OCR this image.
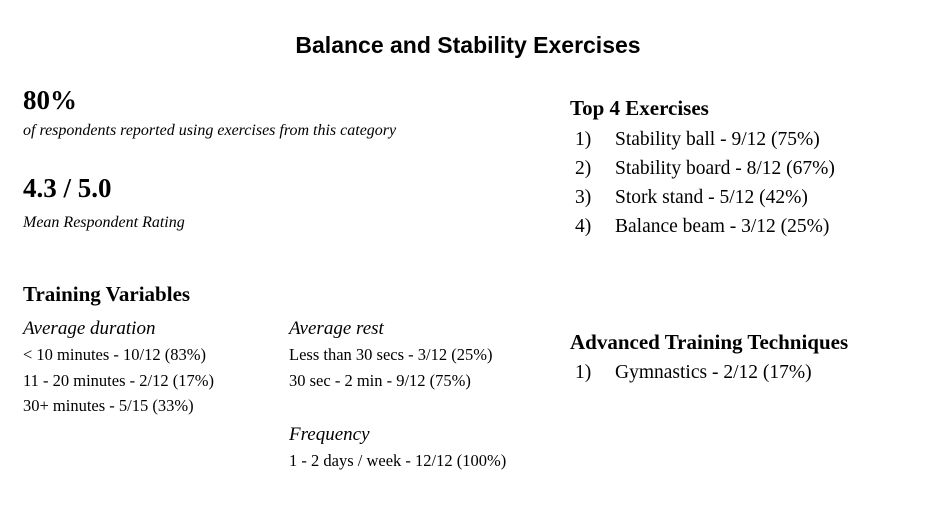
Balance and Stability Exercises
80%
of respondents reported using exercises from this category
4.3 / 5.0
Mean Respondent Rating
Training Variables
Average duration
< 10 minutes - 10/12 (83%)
11 - 20 minutes - 2/12 (17%)
30+ minutes - 5/15 (33%)
Average rest
Less than 30 secs - 3/12 (25%)
30 sec - 2 min - 9/12 (75%)
Frequency
1 - 2 days / week - 12/12 (100%)
Top 4 Exercises
1) Stability ball - 9/12 (75%)
2) Stability board - 8/12 (67%)
3) Stork stand - 5/12 (42%)
4) Balance beam - 3/12 (25%)
Advanced Training Techniques
1) Gymnastics - 2/12 (17%)
